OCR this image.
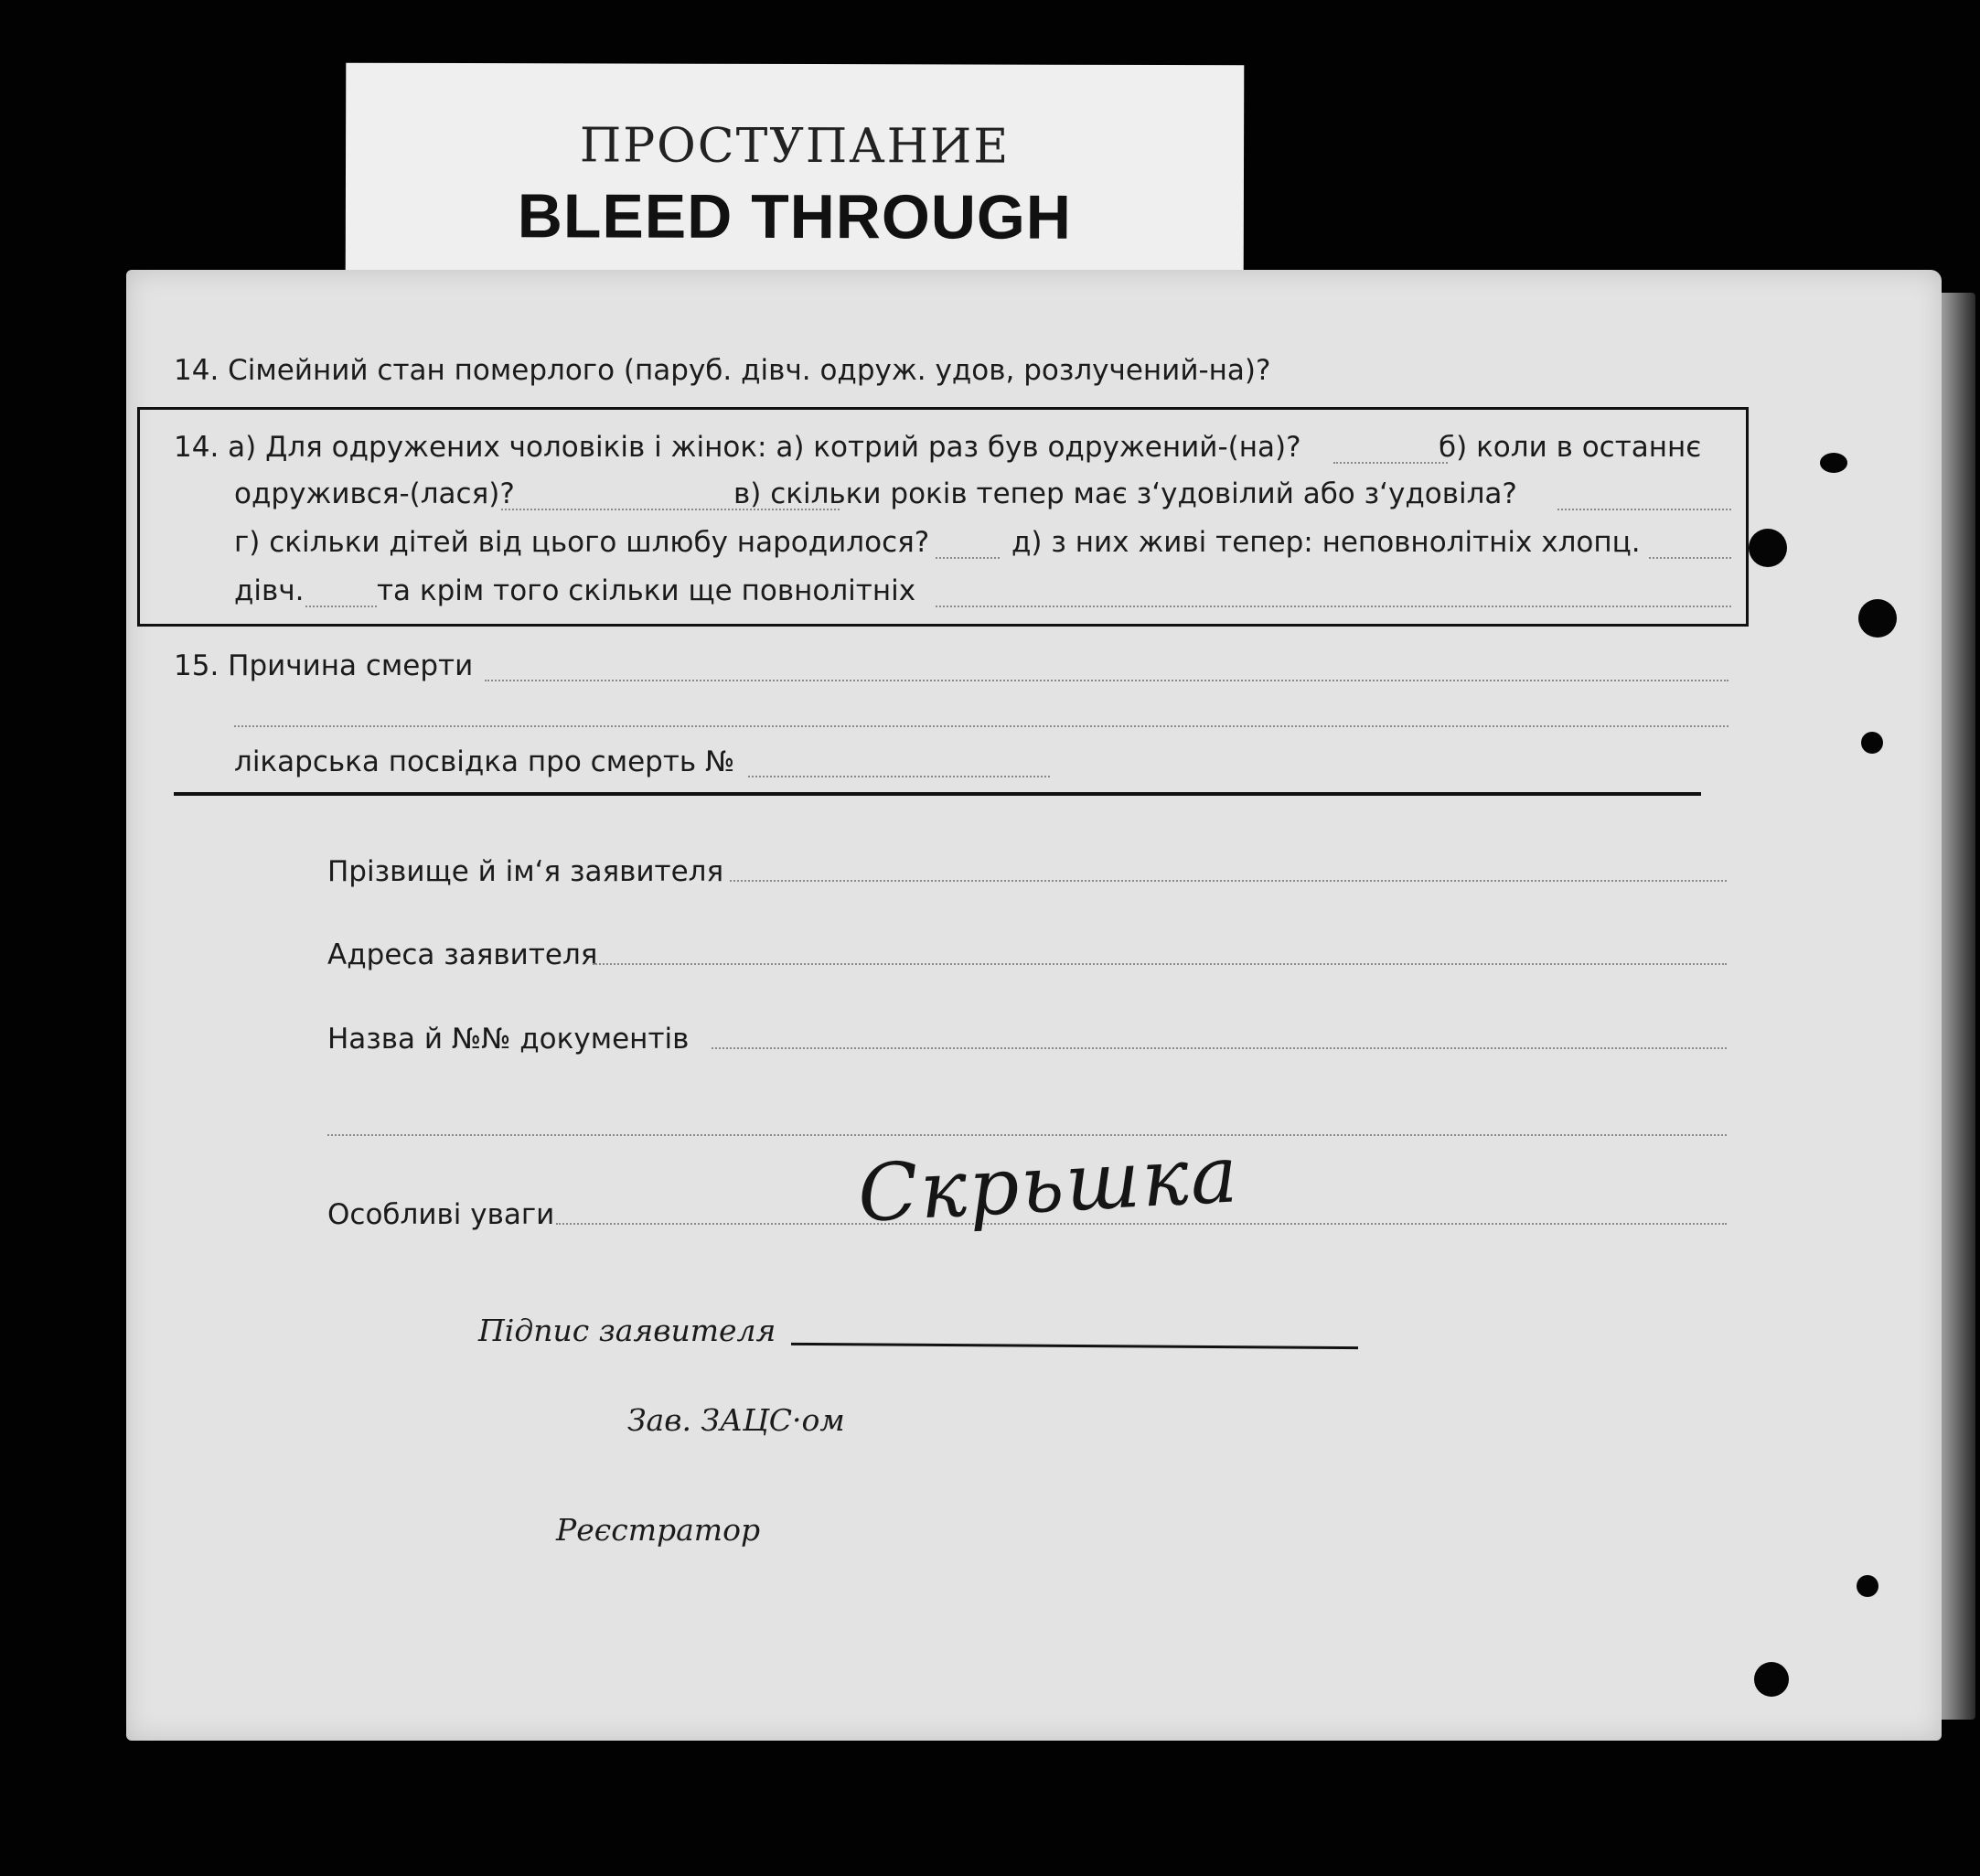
ПРОСТУПАНИЕ
BLEED THROUGH
14. Сімейний стан померлого (паруб. дівч. одруж. удов, розлучений-на)?
14. а) Для одружених чоловіків і жінок: а) котрий раз був одружений-(на)?	б) коли в останнє
одружився-(лася)?	в) скільки років тепер має з‘удовілий або з‘удовіла?
г) скільки дітей від цього шлюбу народилося?	д) з них живі тепер: неповнолітніх хлопц.
дівч.	та крім того скільки ще повнолітніх
15. Причина смерти
лікарська посвідка про смерть №
Прізвище й ім‘я заявителя
Адреса заявителя
Назва й №№ документів
Особливі уваги	Скрьшка
Підпис заявителя
Зав. ЗАЦС·ом
Реєстратор
